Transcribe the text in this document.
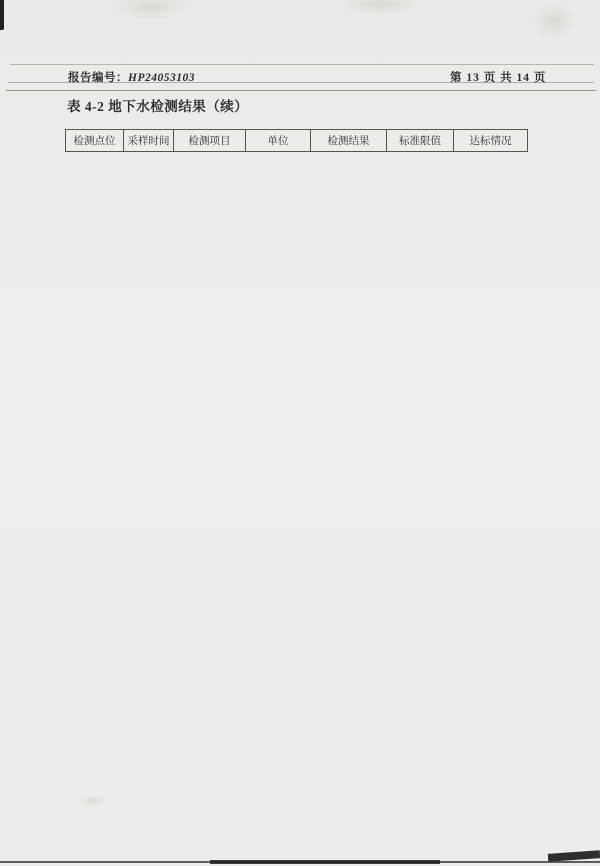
报告编号：HP24053103	第 13 页 共 14 页
表 4-2 地下水检测结果（续）
检测点位	采样时间	检测项目	单位	检测结果	标准限值	达标情况
